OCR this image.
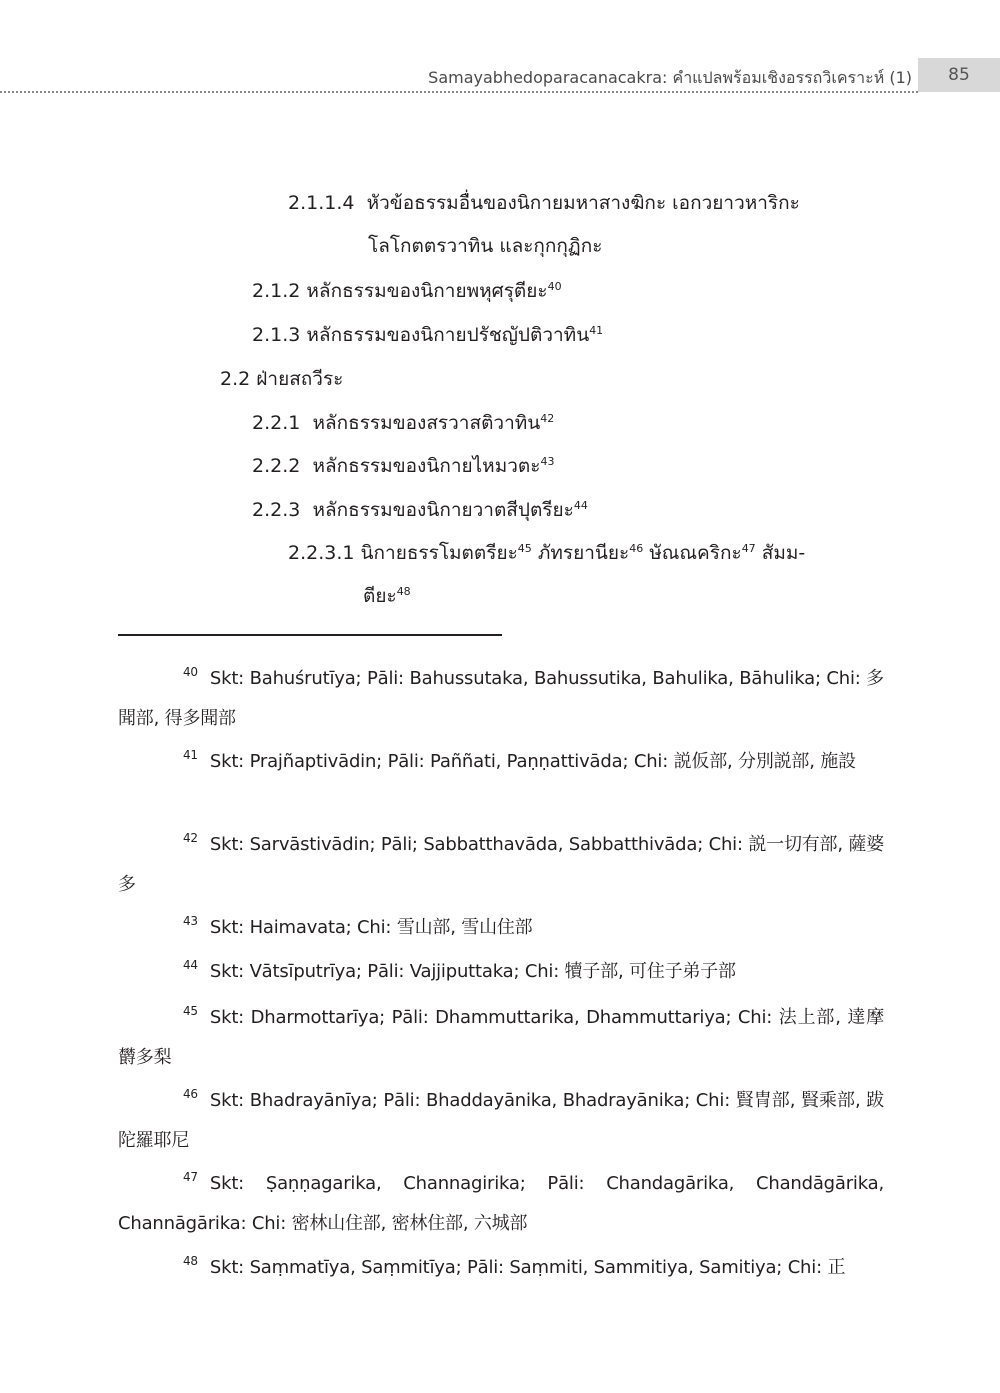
Samayabhedoparacanacakra: คำแปลพร้อมเชิงอรรถวิเคราะห์ (1)	85
2.1.1.4 หัวข้อธรรมอื่นของนิกายมหาสางฆิกะ เอกวยาวหาริกะ
โลโกตตรวาทิน และกุกกุฏิกะ
2.1.2 หลักธรรมของนิกายพหุศรุตียะ$^{40}$
2.1.3 หลักธรรมของนิกายปรัชญัปติวาทิน$^{41}$
2.2 ฝ่ายสถวีระ
2.2.1 หลักธรรมของสรวาสติวาทิน$^{42}$
2.2.2 หลักธรรมของนิกายไหมวตะ$^{43}$
2.2.3 หลักธรรมของนิกายวาตสีปุตรียะ$^{44}$
2.2.3.1 นิกายธรรโมตตรียะ$^{45}$ ภัทรยานียะ$^{46}$ ษัณณคริกะ$^{47}$ สัมม-
ตียะ$^{48}$

$^{40}$ Skt: Bahuśrutīya; Pāli: Bahussutaka, Bahussutika, Bahulika, Bāhulika; Chi: 多聞部, 得多聞部

$^{41}$ Skt: Prajñaptivādin; Pāli: Paññati, Paṇṇattivāda; Chi: 説仮部, 分別説部, 施設

$^{42}$ Skt: Sarvāstivādin; Pāli; Sabbatthavāda, Sabbatthivāda; Chi: 説一切有部, 薩婆多

$^{43}$ Skt: Haimavata; Chi: 雪山部, 雪山住部

$^{44}$ Skt: Vātsīputrīya; Pāli: Vajjiputtaka; Chi: 犢子部, 可住子弟子部

$^{45}$ Skt: Dharmottarīya; Pāli: Dhammuttarika, Dhammuttariya; Chi: 法上部, 達摩欝多梨

$^{46}$ Skt: Bhadrayānīya; Pāli: Bhaddayānika, Bhadrayānika; Chi: 賢冑部, 賢乘部, 跋陀羅耶尼

$^{47}$ Skt: Ṣaṇṇagarika, Channagirika; Pāli: Chandagārika, Chandāgārika, Channāgārika: Chi: 密林山住部, 密林住部, 六城部

$^{48}$ Skt: Saṃmatīya, Saṃmitīya; Pāli: Saṃmiti, Sammitiya, Samitiya; Chi: 正
